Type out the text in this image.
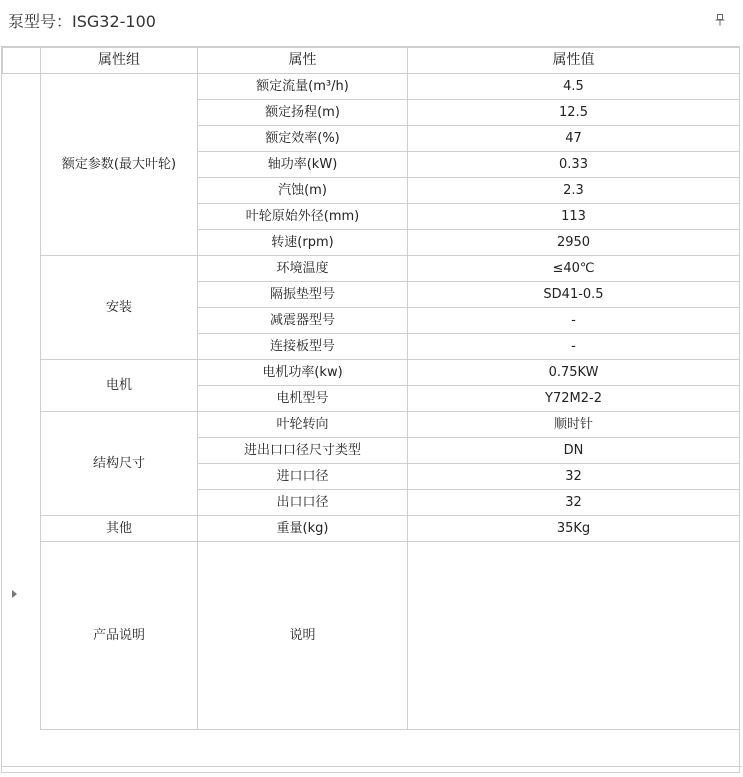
泵型号：ISG32-100
	属性组	属性	属性值
	额定参数(最大叶轮)	额定流量(m³/h)	4.5
		额定扬程(m)	12.5
		额定效率(%)	47
		轴功率(kW)	0.33
		汽蚀(m)	2.3
		叶轮原始外径(mm)	113
		转速(rpm)	2950
	安装	环境温度	≤40℃
		隔振垫型号	SD41-0.5
		减震器型号	-
		连接板型号	-
	电机	电机功率(kw)	0.75KW
		电机型号	Y72M2-2
	结构尺寸	叶轮转向	顺时针
		进出口口径尺寸类型	DN
		进口口径	32
		出口口径	32
	其他	重量(kg)	35Kg
	产品说明	说明	
